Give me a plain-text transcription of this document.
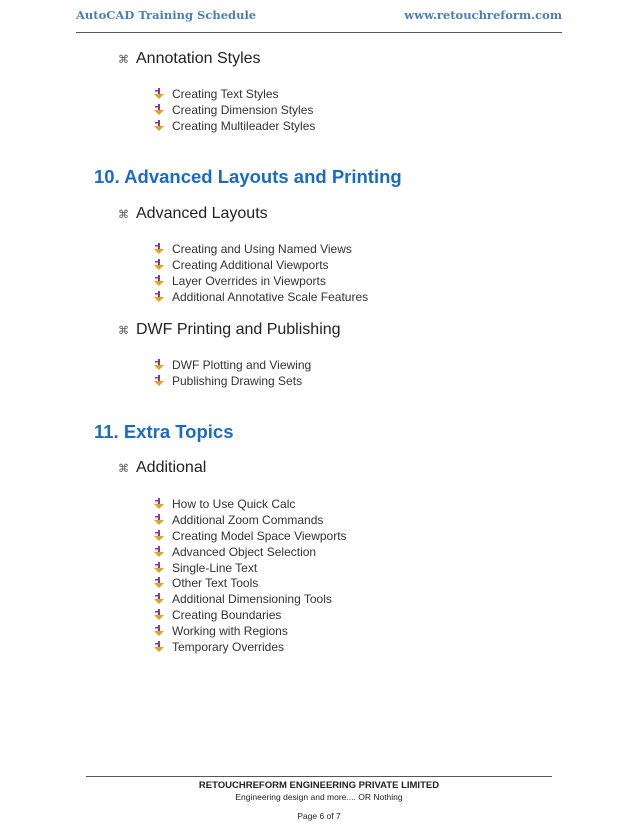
AutoCAD Training Schedule	www.retouchreform.com
⌘ Annotation Styles
Creating Text Styles
Creating Dimension Styles
Creating Multileader Styles
10. Advanced Layouts and Printing
⌘ Advanced Layouts
Creating and Using Named Views
Creating Additional Viewports
Layer Overrides in Viewports
Additional Annotative Scale Features
⌘ DWF Printing and Publishing
DWF Plotting and Viewing
Publishing Drawing Sets
11. Extra Topics
⌘ Additional
How to Use Quick Calc
Additional Zoom Commands
Creating Model Space Viewports
Advanced Object Selection
Single-Line Text
Other Text Tools
Additional Dimensioning Tools
Creating Boundaries
Working with Regions
Temporary Overrides
RETOUCHREFORM ENGINEERING PRIVATE LIMITED
Engineering design and more.... OR Nothing
Page 6 of 7
